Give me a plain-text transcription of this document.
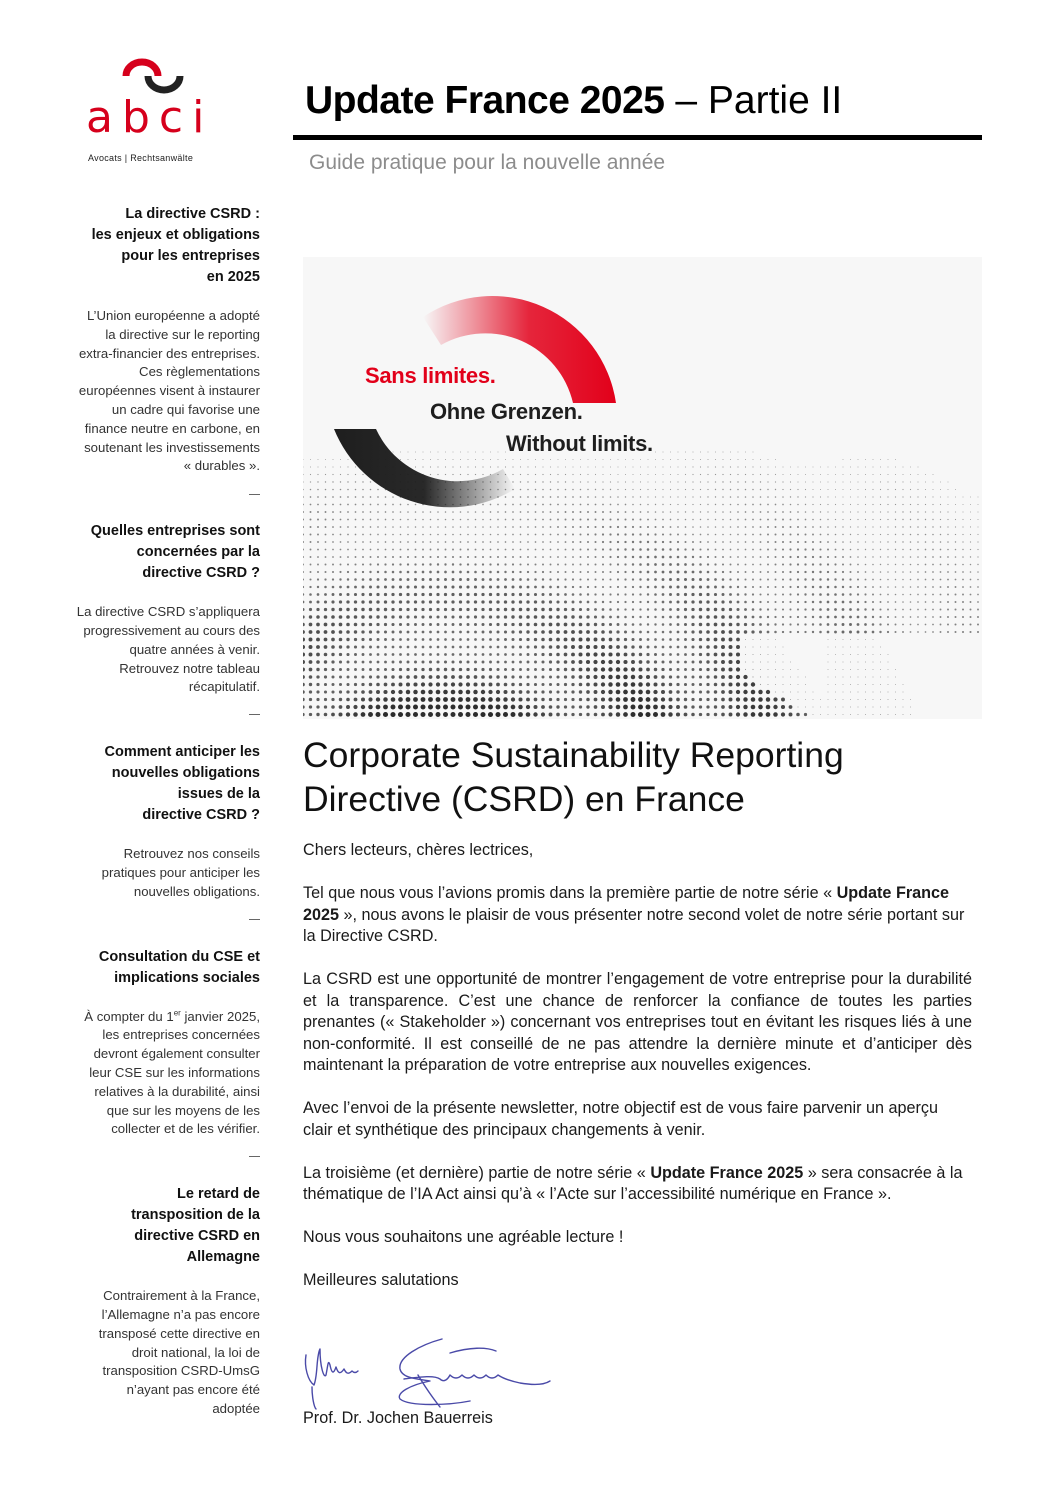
abci
Avocats | Rechtsanwälte
Update France 2025 – Partie II
Guide pratique pour la nouvelle année

La directive CSRD :
les enjeux et obligations
pour les entreprises
en 2025

L’Union européenne a adopté
la directive sur le reporting
extra-financier des entreprises.
Ces règlementations
européennes visent à instaurer
un cadre qui favorise une
finance neutre en carbone, en
soutenant les investissements
« durables ».

Quelles entreprises sont
concernées par la
directive CSRD ?

La directive CSRD s’appliquera
progressivement au cours des
quatre années à venir.
Retrouvez notre tableau
récapitulatif.

Comment anticiper les
nouvelles obligations
issues de la
directive CSRD ?

Retrouvez nos conseils
pratiques pour anticiper les
nouvelles obligations.

Consultation du CSE et
implications sociales

À compter du 1er janvier 2025,
les entreprises concernées
devront également consulter
leur CSE sur les informations
relatives à la durabilité, ainsi
que sur les moyens de les
collecter et de les vérifier.

Le retard de
transposition de la
directive CSRD en
Allemagne

Contrairement à la France,
l’Allemagne n’a pas encore
transposé cette directive en
droit national, la loi de
transposition CSRD-UmsG
n’ayant pas encore été
adoptée

Sans limites.
Ohne Grenzen.
Without limits.
Corporate Sustainability Reporting
Directive (CSRD) en France

Chers lecteurs, chères lectrices,

Tel que nous vous l’avions promis dans la première partie de notre série « Update France 2025 », nous avons le plaisir de vous présenter notre second volet de notre série portant sur la Directive CSRD.

La CSRD est une opportunité de montrer l’engagement de votre entreprise pour la durabilité et la transparence. C’est une chance de renforcer la confiance de toutes les parties prenantes (« Stakeholder ») concernant vos entreprises tout en évitant les risques liés à une non-conformité. Il est conseillé de ne pas attendre la dernière minute et d’anticiper dès maintenant la préparation de votre entreprise aux nouvelles exigences.

Avec l’envoi de la présente newsletter, notre objectif est de vous faire parvenir un aperçu clair et synthétique des principaux changements à venir.

La troisième (et dernière) partie de notre série « Update France 2025 » sera consacrée à la thématique de l’IA Act ainsi qu’à « l’Acte sur l’accessibilité numérique en France ».

Nous vous souhaitons une agréable lecture !

Meilleures salutations

Prof. Dr. Jochen Bauerreis
